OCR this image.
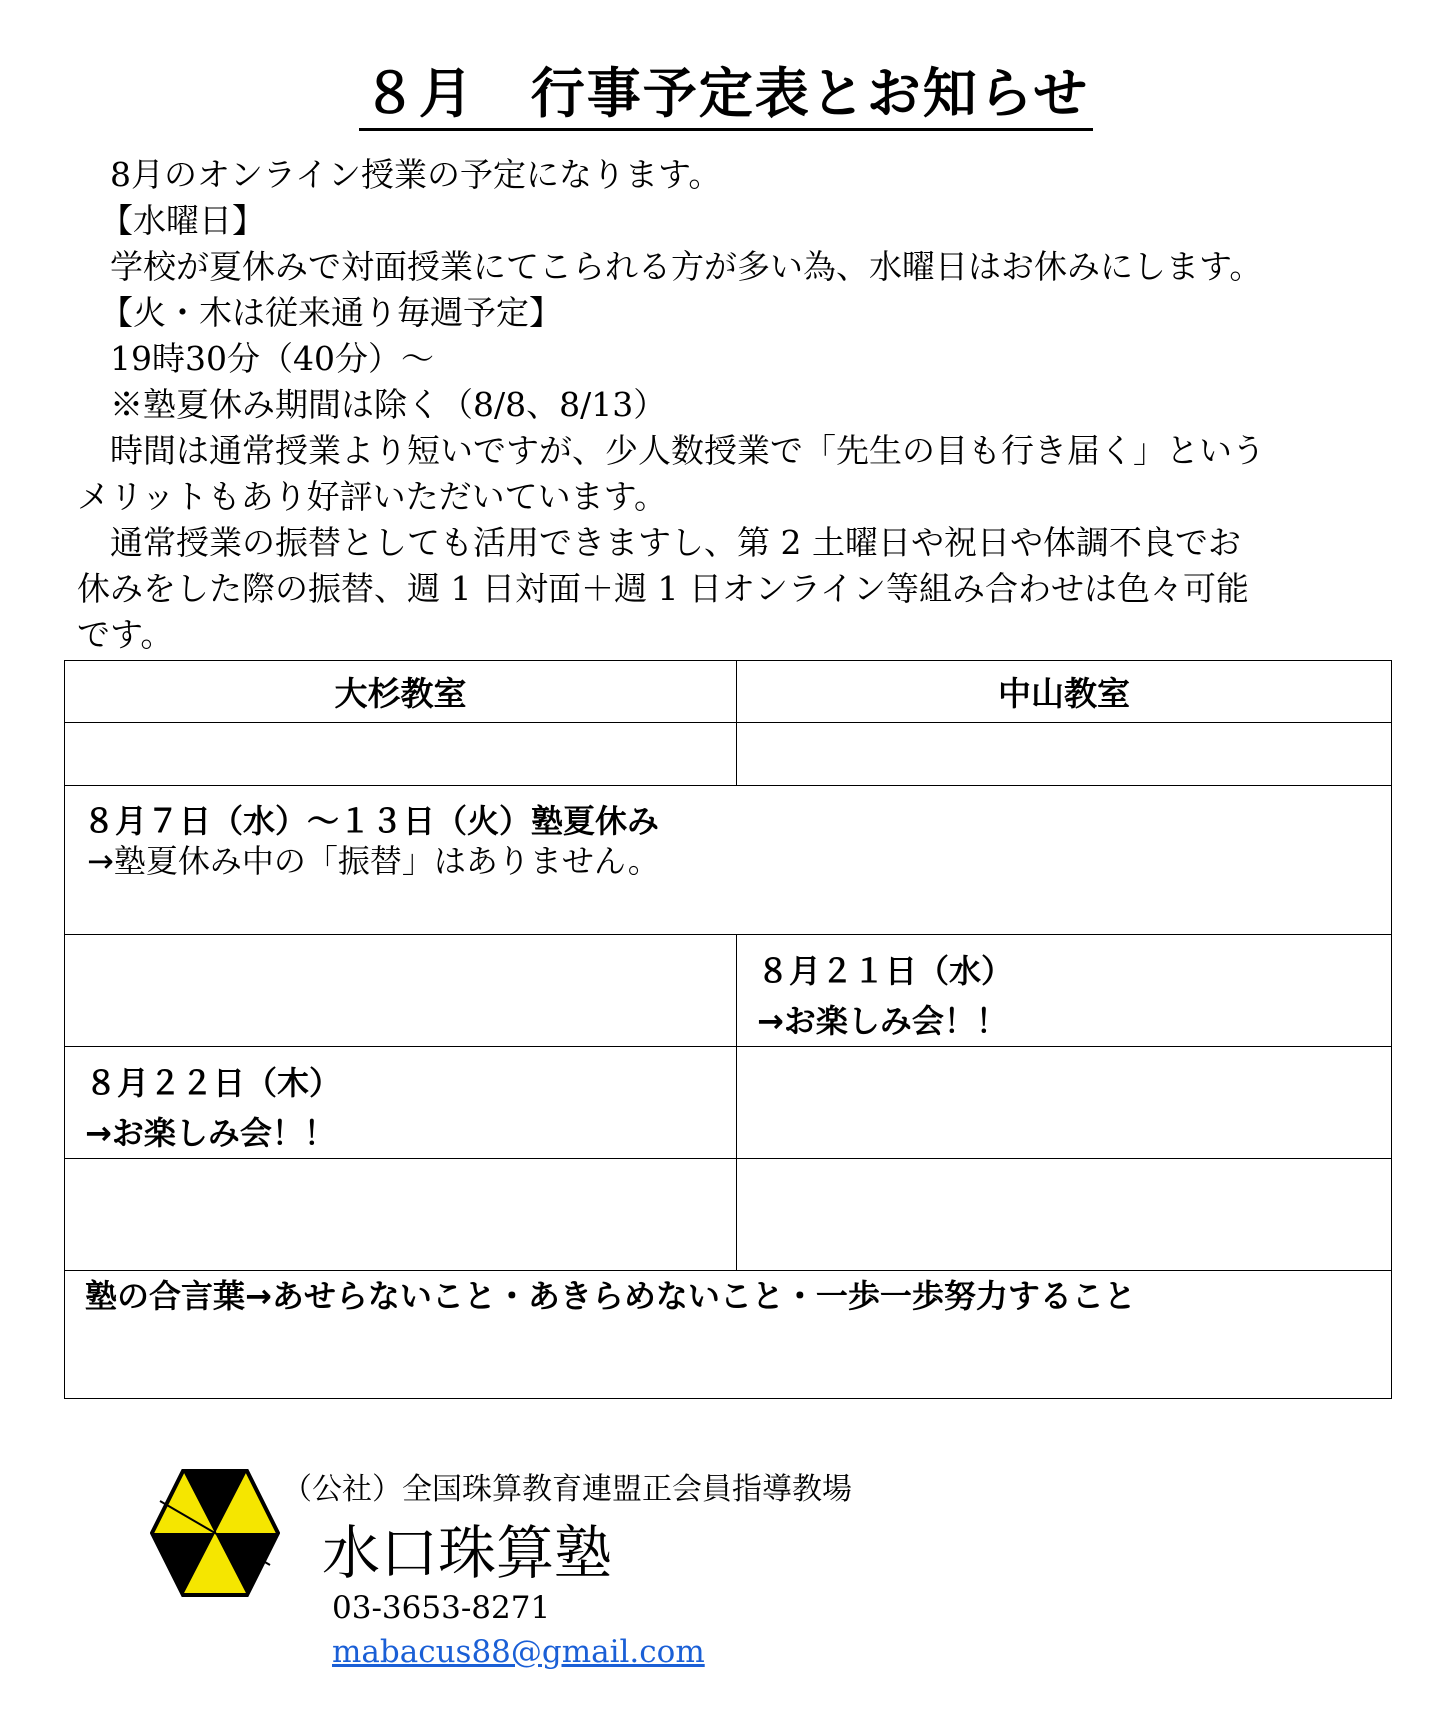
８月　行事予定表とお知らせ
　8月のオンライン授業の予定になります。
【水曜日】
　学校が夏休みで対面授業にてこられる方が多い為、水曜日はお休みにします。
【火・木は従来通り毎週予定】
　19時30分（40分）～
　※塾夏休み期間は除く（8/8、8/13）
　時間は通常授業より短いですが、少人数授業で「先生の目も行き届く」という
メリットもあり好評いただいています。
　通常授業の振替としても活用できますし、第 2 土曜日や祝日や体調不良でお
休みをした際の振替、週 1 日対面＋週 1 日オンライン等組み合わせは色々可能
です。
大杉教室	中山教室

８月７日（水）～１３日（火）塾夏休み
→塾夏休み中の「振替」はありません。	

	８月２１日（水）
→お楽しみ会！！

８月２２日（木）
→お楽しみ会！！	

塾の合言葉→あせらないこと・あきらめないこと・一歩一歩努力すること	
（公社）全国珠算教育連盟正会員指導教場
水口珠算塾
03-3653-8271
mabacus88@gmail.com
